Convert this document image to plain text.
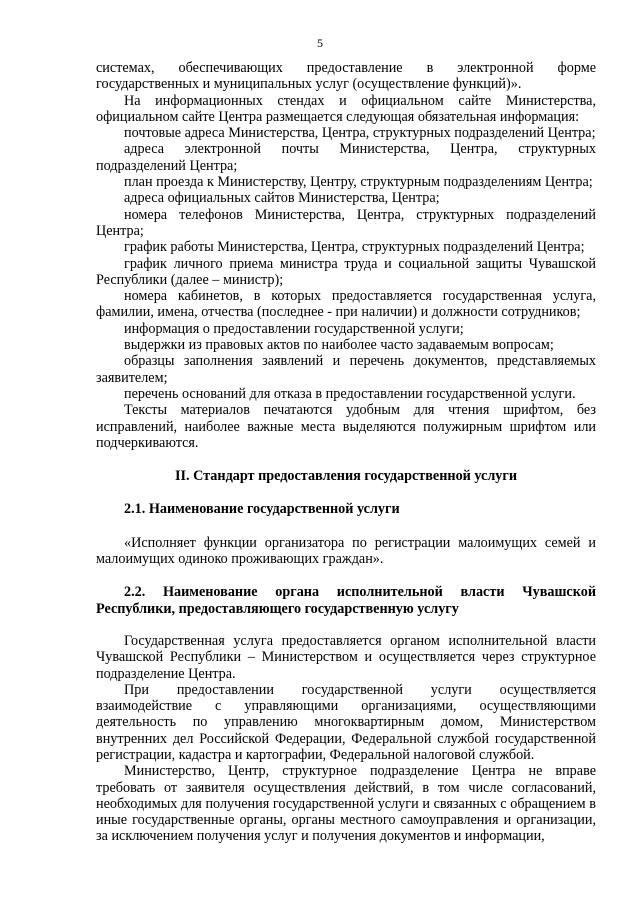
5

системах, обеспечивающих предоставление в электронной форме государственных и муниципальных услуг (осуществление функций)».

На информационных стендах и официальном сайте Министерства, официальном сайте Центра размещается следующая обязательная информация:

почтовые адреса Министерства, Центра, структурных подразделений Центра;

адреса электронной почты Министерства, Центра, структурных подразделений Центра;

план проезда к Министерству, Центру, структурным подразделениям Центра;

адреса официальных сайтов Министерства, Центра;

номера телефонов Министерства, Центра, структурных подразделений Центра;

график работы Министерства, Центра, структурных подразделений Центра;

график личного приема министра труда и социальной защиты Чувашской Республики (далее – министр);

номера кабинетов, в которых предоставляется государственная услуга, фамилии, имена, отчества (последнее - при наличии) и должности сотрудников;

информация о предоставлении государственной услуги;

выдержки из правовых актов по наиболее часто задаваемым вопросам;

образцы заполнения заявлений и перечень документов, представляемых заявителем;

перечень оснований для отказа в предоставлении государственной услуги.

Тексты материалов печатаются удобным для чтения шрифтом, без исправлений, наиболее важные места выделяются полужирным шрифтом или подчеркиваются.

II. Стандарт предоставления государственной услуги

2.1. Наименование государственной услуги

«Исполняет функции организатора по регистрации малоимущих семей и малоимущих одиноко проживающих граждан».

2.2. Наименование органа исполнительной власти Чувашской Республики, предоставляющего государственную услугу

Государственная услуга предоставляется органом исполнительной власти Чувашской Республики – Министерством и осуществляется через структурное подразделение Центра.

При предоставлении государственной услуги осуществляется взаимодействие с управляющими организациями, осуществляющими деятельность по управлению многоквартирным домом, Министерством внутренних дел Российской Федерации, Федеральной службой государственной регистрации, кадастра и картографии, Федеральной налоговой службой.

Министерство, Центр, структурное подразделение Центра не вправе требовать от заявителя осуществления действий, в том числе согласований, необходимых для получения государственной услуги и связанных с обращением в иные государственные органы, органы местного самоуправления и организации, за исключением получения услуг и получения документов и информации,
